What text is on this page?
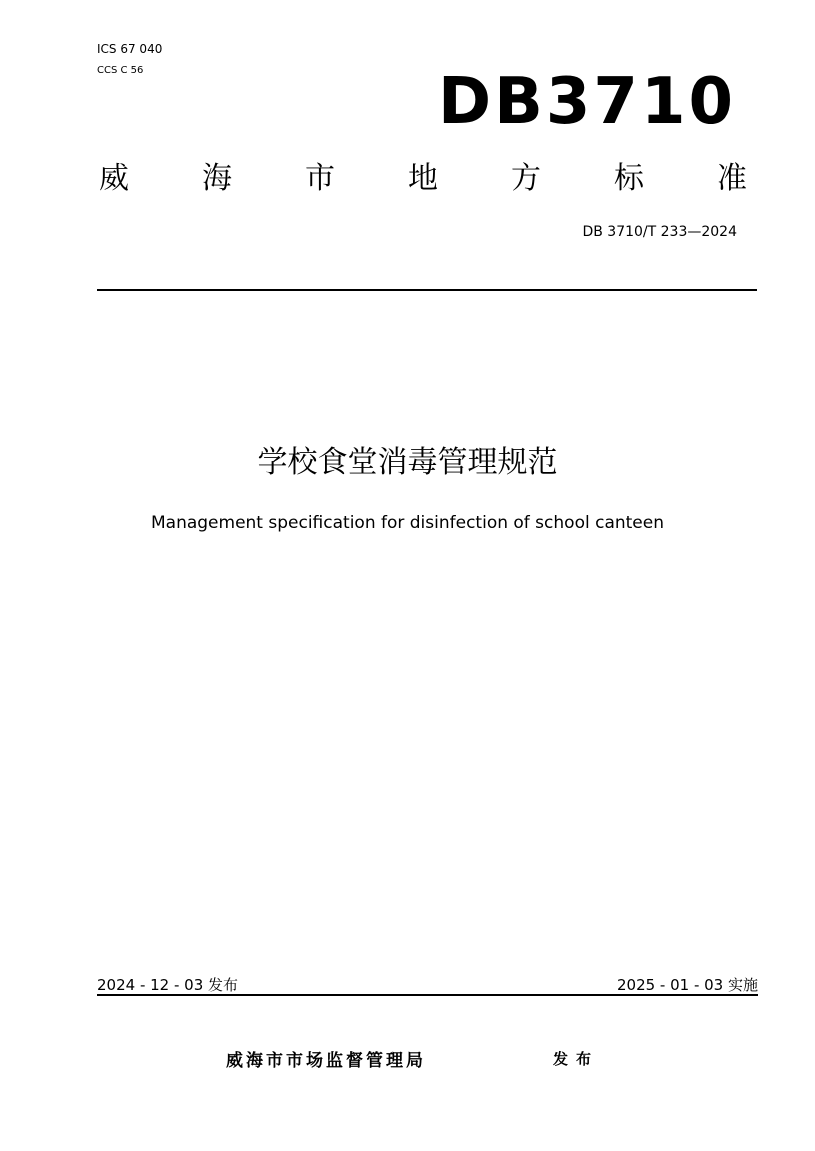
ICS 67 040
CCS C 56	DB3710
威 海 市 地 方 标 准
DB 3710/T 233—2024
学校食堂消毒管理规范
Management specification for disinfection of school canteen
2024 - 12 - 03 发布	2025 - 01 - 03 实施
威海市市场监督管理局	发布
